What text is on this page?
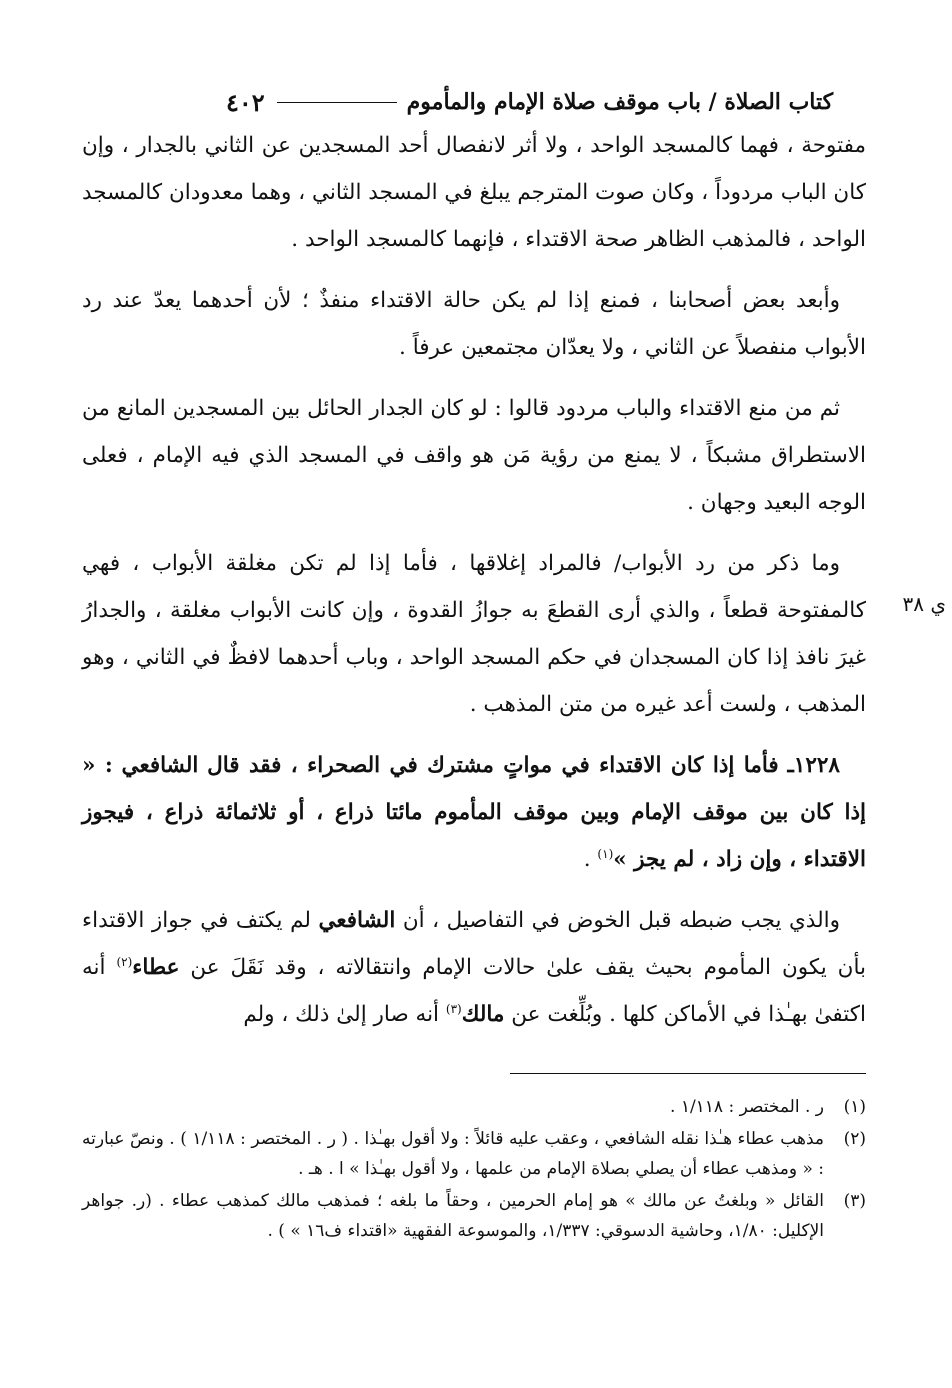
٤٠٢	كتاب الصلاة / باب موقف صلاة الإمام والمأموم
ي ٣٨

مفتوحة ، فهما كالمسجد الواحد ، ولا أثر لانفصال أحد المسجدين عن الثاني بالجدار ، وإن كان الباب مردوداً ، وكان صوت المترجم يبلغ في المسجد الثاني ، وهما معدودان كالمسجد الواحد ، فالمذهب الظاهر صحة الاقتداء ، فإنهما كالمسجد الواحد .

وأبعد بعض أصحابنا ، فمنع إذا لم يكن حالة الاقتداء منفذٌ ؛ لأن أحدهما يعدّ عند رد الأبواب منفصلاً عن الثاني ، ولا يعدّان مجتمعين عرفاً .

ثم من منع الاقتداء والباب مردود قالوا : لو كان الجدار الحائل بين المسجدين المانع من الاستطراق مشبكاً ، لا يمنع من رؤية مَن هو واقف في المسجد الذي فيه الإمام ، فعلى الوجه البعيد وجهان .

وما ذكر من رد الأبواب/ فالمراد إغلاقها ، فأما إذا لم تكن مغلقة الأبواب ، فهي كالمفتوحة قطعاً ، والذي أرى القطعَ به جوازُ القدوة ، وإن كانت الأبواب مغلقة ، والجدارُ غيرَ نافذ إذا كان المسجدان في حكم المسجد الواحد ، وباب أحدهما لافظٌ في الثاني ، وهو المذهب ، ولست أعد غيره من متن المذهب .

١٢٢٨ـ فأما إذا كان الاقتداء في مواتٍ مشترك في الصحراء ، فقد قال الشافعي : « إذا كان بين موقف الإمام وبين موقف المأموم مائتا ذراع ، أو ثلاثمائة ذراع ، فيجوز الاقتداء ، وإن زاد ، لم يجز »$^{(١)}$ .

والذي يجب ضبطه قبل الخوض في التفاصيل ، أن الشافعي لم يكتف في جواز الاقتداء بأن يكون المأموم بحيث يقف علىٰ حالات الإمام وانتقالاته ، وقد نَقَلَ عن عطاء$^{(٢)}$ أنه اكتفىٰ بهـٰذا في الأماكن كلها . وبُلِّغت عن مالك$^{(٣)}$ أنه صار إلىٰ ذلك ، ولم

(١)
ر . المختصر : ١/١١٨ .
(٢)
مذهب عطاء هـٰذا نقله الشافعي ، وعقب عليه قائلاً : ولا أقول بهـٰذا . ( ر . المختصر : ١/١١٨ ) . ونصّ عبارته : « ومذهب عطاء أن يصلي بصلاة الإمام من علمها ، ولا أقول بهـٰذا » ا . هـ .
(٣)
القائل « وبلغتُ عن مالك » هو إمام الحرمين ، وحقاً ما بلغه ؛ فمذهب مالك كمذهب عطاء . (ر. جواهر الإكليل: ١/٨٠، وحاشية الدسوقي: ١/٣٣٧، والموسوعة الفقهية «اقتداء ف١٦ » ) .
